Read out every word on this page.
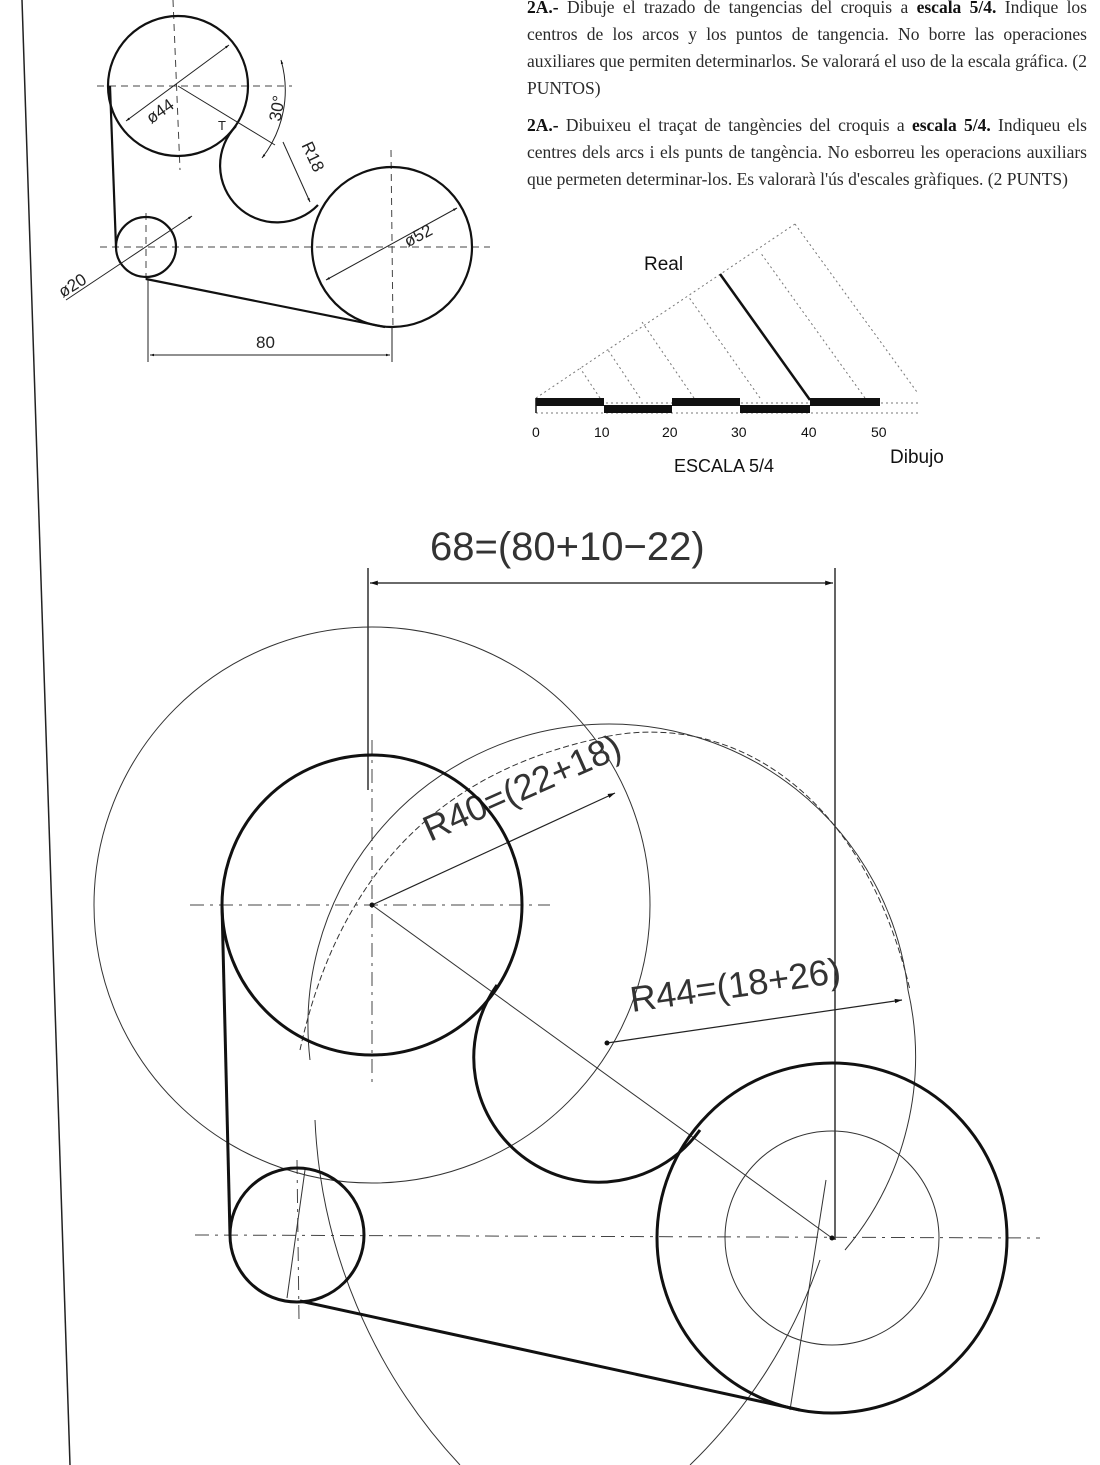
2A.- Dibuje el trazado de tangencias del croquis a escala 5/4. Indique los centros de los arcos y los puntos de tangencia. No borre las operaciones auxiliares que permiten determinarlos. Se valorará el uso de la escala gráfica. (2 PUNTOS)

2A.- Dibuixeu el traçat de tangències del croquis a escala 5/4. Indiqueu els centres dels arcs i els punts de tangència. No esborreu les operacions auxiliars que permeten determinar-los. Es valorarà l'ús d'escales gràfiques. (2 PUNTS)

ø44
ø20
ø52
R18
30°
80
T
0	10	20	30	40	50
Real
Dibujo
ESCALA 5/4
68=(80+10−22)
R40=(22+18)
R44=(18+26)
